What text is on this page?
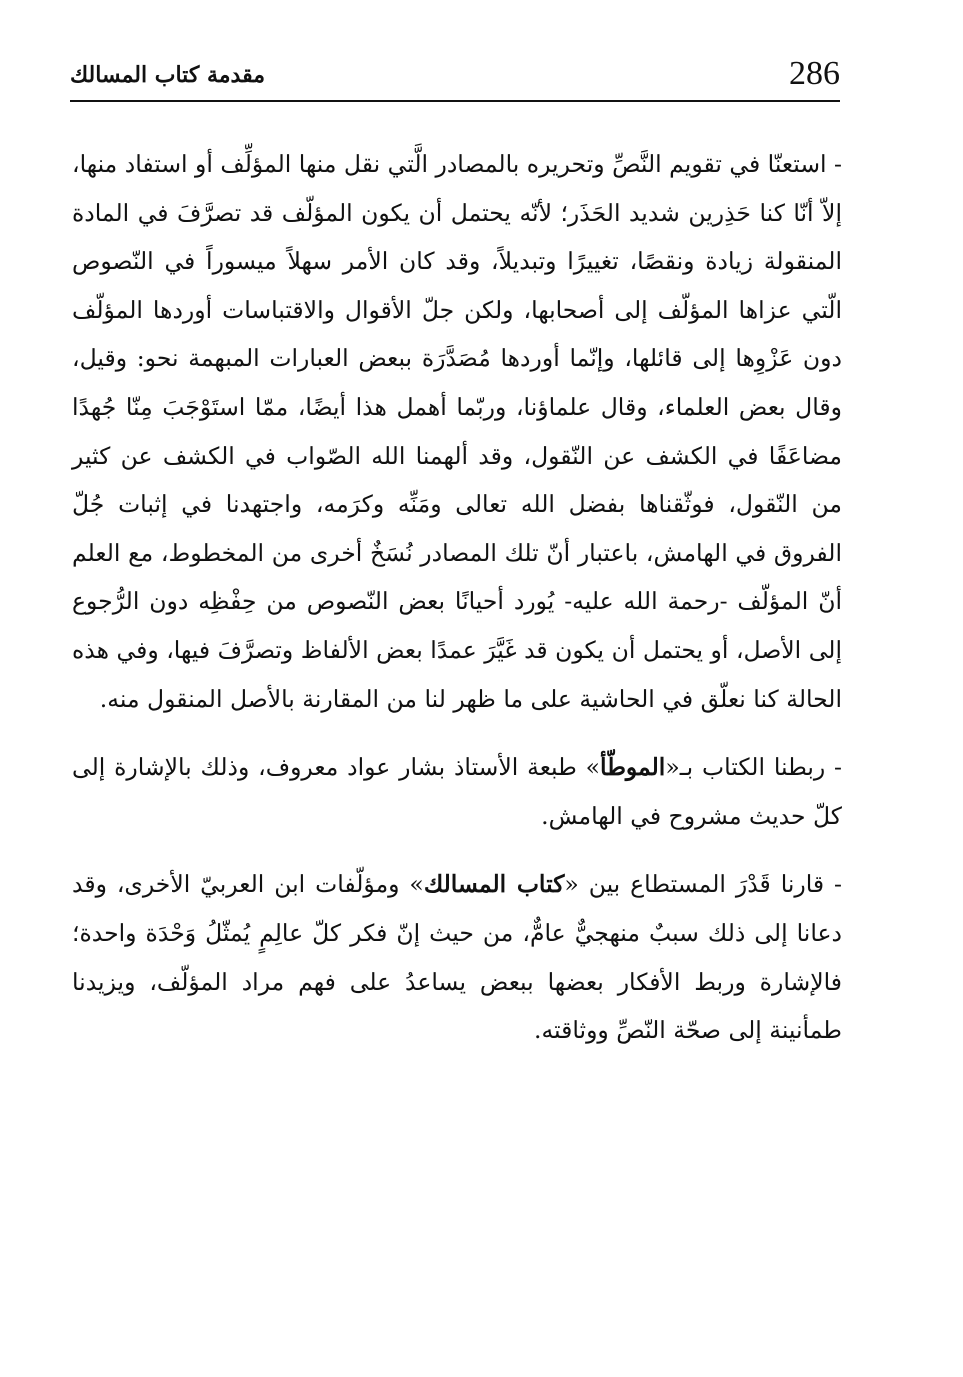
286
مقدمة كتاب المسالك

- استعنّا في تقويم النَّصِّ وتحريره بالمصادر الَّتي نقل منها المؤلِّف أو استفاد منها، إلاّ أنّا كنا حَذِرين شديد الحَذَر؛ لأنّه يحتمل أن يكون المؤلّف قد تصرَّفَ في المادة المنقولة زيادة ونقصًا، تغييرًا وتبديلاً، وقد كان الأمر سهلاً ميسوراً في النّصوص الّتي عزاها المؤلّف إلى أصحابها، ولكن جلّ الأقوال والاقتباسات أوردها المؤلّف دون عَزْوِها إلى قائلها، وإنّما أوردها مُصَدَّرَة ببعض العبارات المبهمة نحو: وقيل، وقال بعض العلماء، وقال علماؤنا، وربّما أهمل هذا أيضًا، ممّا استَوْجَبَ مِنّا جُهدًا مضاعَفًا في الكشف عن النّقول، وقد ألهمنا الله الصّواب في الكشف عن كثير من النّقول، فوثّقناها بفضل الله تعالى ومَنِّه وكرَمه، واجتهدنا في إثبات جُلّ الفروق في الهامش، باعتبار أنّ تلك المصادر نُسَخٌ أخرى من المخطوط، مع العلم أنّ المؤلّف -رحمة الله عليه- يُورد أحيانًا بعض النّصوص من حِفْظِه دون الرُّجوع إلى الأصل، أو يحتمل أن يكون قد غَيَّرَ عمدًا بعض الألفاظ وتصرَّفَ فيها، وفي هذه الحالة كنا نعلّق في الحاشية على ما ظهر لنا من المقارنة بالأصل المنقول منه.

- ربطنا الكتاب بـ«الموطّأ» طبعة الأستاذ بشار عواد معروف، وذلك بالإشارة إلى كلّ حديث مشروح في الهامش.

- قارنا قَدْرَ المستطاع بين «كتاب المسالك» ومؤلّفات ابن العربيّ الأخرى، وقد دعانا إلى ذلك سببٌ منهجيٌّ عامٌّ، من حيث إنّ فكر كلّ عالِمٍ يُمثّلُ وَحْدَة واحدة؛ فالإشارة وربط الأفكار بعضها ببعض يساعدُ على فهم مراد المؤلّف، ويزيدنا طمأنينة إلى صحّة النّصِّ ووثاقته.
